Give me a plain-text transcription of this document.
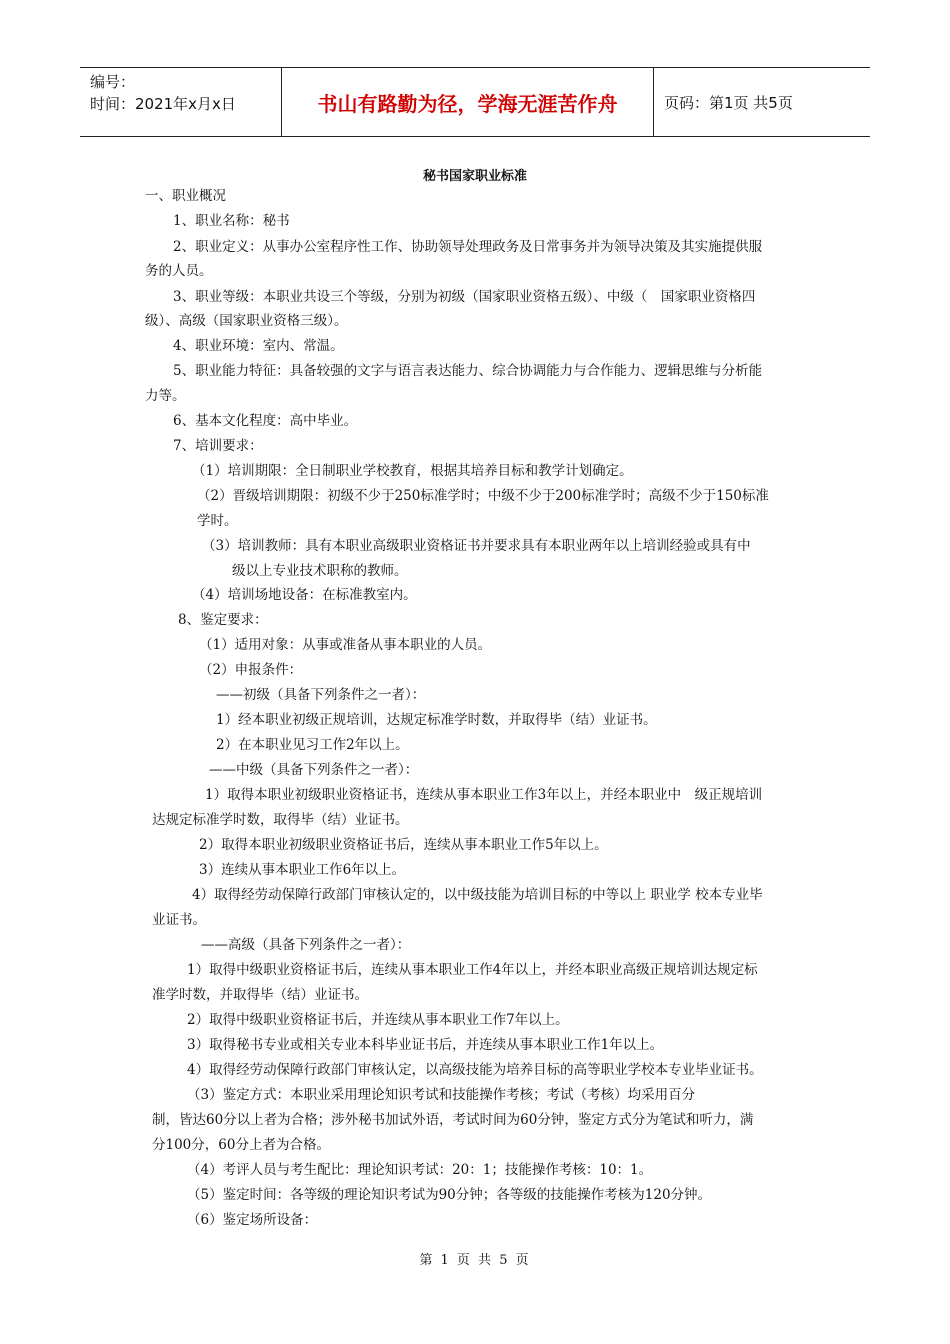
编号：
时间：2021年x月x日	书山有路勤为径，学海无涯苦作舟	页码：第1页 共5页
秘书国家职业标准
一、职业概况
1、职业名称：秘书
2、职业定义：从事办公室程序性工作、协助领导处理政务及日常事务并为领导决策及其实施提供服
务的人员。
3、职业等级：本职业共设三个等级，分别为初级（国家职业资格五级）、中级（　国家职业资格四
级）、高级（国家职业资格三级）。
4、职业环境：室内、常温。
5、职业能力特征：具备较强的文字与语言表达能力、综合协调能力与合作能力、逻辑思维与分析能
力等。
6、基本文化程度：高中毕业。
7、培训要求：
（1）培训期限：全日制职业学校教育，根据其培养目标和教学计划确定。
（2）晋级培训期限：初级不少于250标准学时；中级不少于200标准学时；高级不少于150标准
学时。
（3）培训教师：具有本职业高级职业资格证书并要求具有本职业两年以上培训经验或具有中
级以上专业技术职称的教师。
（4）培训场地设备：在标准教室内。
8、鉴定要求：
（1）适用对象：从事或准备从事本职业的人员。
（2）申报条件：
——初级（具备下列条件之一者）：
1）经本职业初级正规培训，达规定标准学时数，并取得毕（结）业证书。
2）在本职业见习工作2年以上。
——中级（具备下列条件之一者）：
1）取得本职业初级职业资格证书，连续从事本职业工作3年以上，并经本职业中　级正规培训
达规定标准学时数，取得毕（结）业证书。
2）取得本职业初级职业资格证书后，连续从事本职业工作5年以上。
3）连续从事本职业工作6年以上。
4）取得经劳动保障行政部门审核认定的，以中级技能为培训目标的中等以上 职业学 校本专业毕
业证书。
——高级（具备下列条件之一者）：
1）取得中级职业资格证书后，连续从事本职业工作4年以上，并经本职业高级正规培训达规定标
准学时数，并取得毕（结）业证书。
2）取得中级职业资格证书后，并连续从事本职业工作7年以上。
3）取得秘书专业或相关专业本科毕业证书后，并连续从事本职业工作1年以上。
4）取得经劳动保障行政部门审核认定，以高级技能为培养目标的高等职业学校本专业毕业证书。
（3）鉴定方式：本职业采用理论知识考试和技能操作考核；考试（考核）均采用百分
制，皆达60分以上者为合格；涉外秘书加试外语，考试时间为60分钟，鉴定方式分为笔试和听力，满
分100分，60分上者为合格。
（4）考评人员与考生配比：理论知识考试：20：1；技能操作考核：10：1。
（5）鉴定时间：各等级的理论知识考试为90分钟；各等级的技能操作考核为120分钟。
（6）鉴定场所设备：
第 1 页 共 5 页
